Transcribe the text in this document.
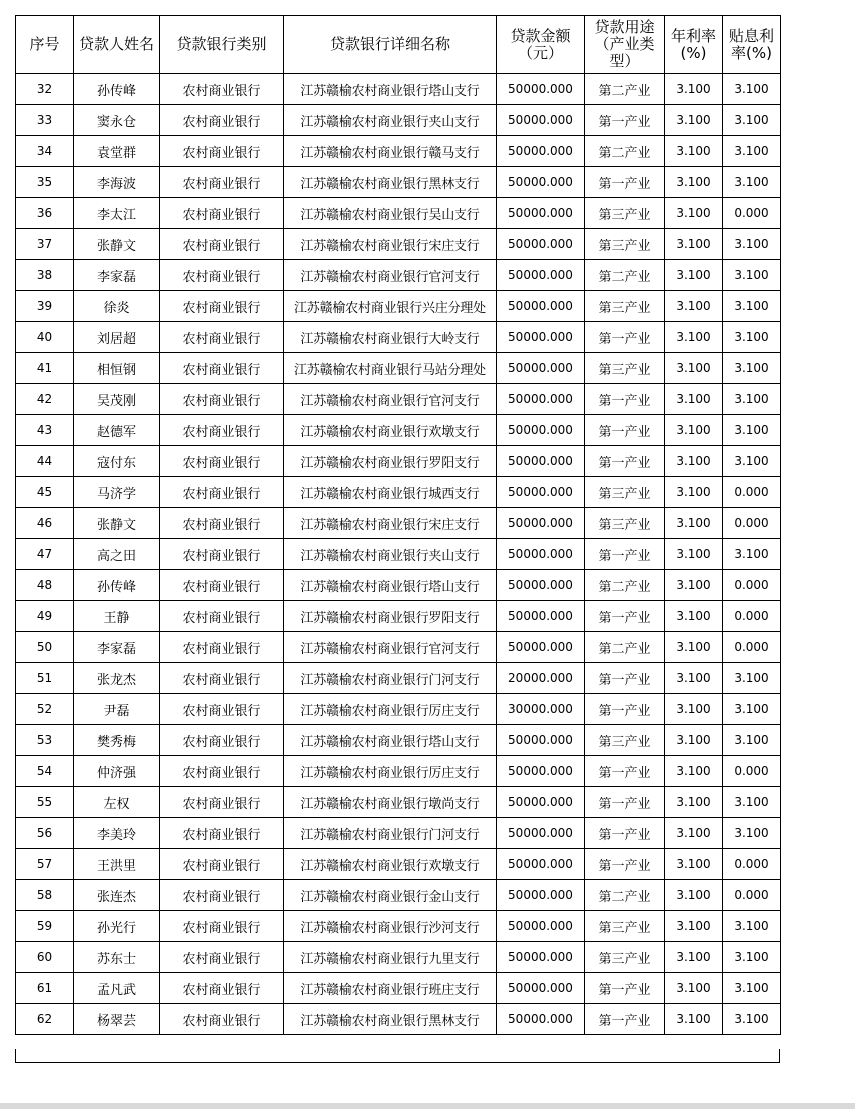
序号	贷款人姓名	贷款银行类别	贷款银行详细名称	贷款金额（元）	贷款用途（产业类型）	年利率(%)	贴息利率(%)
32	孙传峰	农村商业银行	江苏赣榆农村商业银行塔山支行	50000.000	第二产业	3.100	3.100
33	窦永仓	农村商业银行	江苏赣榆农村商业银行夹山支行	50000.000	第一产业	3.100	3.100
34	袁堂群	农村商业银行	江苏赣榆农村商业银行赣马支行	50000.000	第二产业	3.100	3.100
35	李海波	农村商业银行	江苏赣榆农村商业银行黑林支行	50000.000	第一产业	3.100	3.100
36	李太江	农村商业银行	江苏赣榆农村商业银行吴山支行	50000.000	第三产业	3.100	0.000
37	张静文	农村商业银行	江苏赣榆农村商业银行宋庄支行	50000.000	第三产业	3.100	3.100
38	李家磊	农村商业银行	江苏赣榆农村商业银行官河支行	50000.000	第二产业	3.100	3.100
39	徐炎	农村商业银行	江苏赣榆农村商业银行兴庄分理处	50000.000	第三产业	3.100	3.100
40	刘居超	农村商业银行	江苏赣榆农村商业银行大岭支行	50000.000	第一产业	3.100	3.100
41	相恒钢	农村商业银行	江苏赣榆农村商业银行马站分理处	50000.000	第三产业	3.100	3.100
42	吴茂刚	农村商业银行	江苏赣榆农村商业银行官河支行	50000.000	第一产业	3.100	3.100
43	赵德军	农村商业银行	江苏赣榆农村商业银行欢墩支行	50000.000	第一产业	3.100	3.100
44	寇付东	农村商业银行	江苏赣榆农村商业银行罗阳支行	50000.000	第一产业	3.100	3.100
45	马济学	农村商业银行	江苏赣榆农村商业银行城西支行	50000.000	第三产业	3.100	0.000
46	张静文	农村商业银行	江苏赣榆农村商业银行宋庄支行	50000.000	第三产业	3.100	0.000
47	高之田	农村商业银行	江苏赣榆农村商业银行夹山支行	50000.000	第一产业	3.100	3.100
48	孙传峰	农村商业银行	江苏赣榆农村商业银行塔山支行	50000.000	第二产业	3.100	0.000
49	王静	农村商业银行	江苏赣榆农村商业银行罗阳支行	50000.000	第一产业	3.100	0.000
50	李家磊	农村商业银行	江苏赣榆农村商业银行官河支行	50000.000	第二产业	3.100	0.000
51	张龙杰	农村商业银行	江苏赣榆农村商业银行门河支行	20000.000	第一产业	3.100	3.100
52	尹磊	农村商业银行	江苏赣榆农村商业银行厉庄支行	30000.000	第一产业	3.100	3.100
53	樊秀梅	农村商业银行	江苏赣榆农村商业银行塔山支行	50000.000	第三产业	3.100	3.100
54	仲济强	农村商业银行	江苏赣榆农村商业银行厉庄支行	50000.000	第一产业	3.100	0.000
55	左权	农村商业银行	江苏赣榆农村商业银行墩尚支行	50000.000	第一产业	3.100	3.100
56	李美玲	农村商业银行	江苏赣榆农村商业银行门河支行	50000.000	第一产业	3.100	3.100
57	王洪里	农村商业银行	江苏赣榆农村商业银行欢墩支行	50000.000	第一产业	3.100	0.000
58	张连杰	农村商业银行	江苏赣榆农村商业银行金山支行	50000.000	第二产业	3.100	0.000
59	孙光行	农村商业银行	江苏赣榆农村商业银行沙河支行	50000.000	第三产业	3.100	3.100
60	苏东士	农村商业银行	江苏赣榆农村商业银行九里支行	50000.000	第三产业	3.100	3.100
61	孟凡武	农村商业银行	江苏赣榆农村商业银行班庄支行	50000.000	第一产业	3.100	3.100
62	杨翠芸	农村商业银行	江苏赣榆农村商业银行黑林支行	50000.000	第一产业	3.100	3.100
